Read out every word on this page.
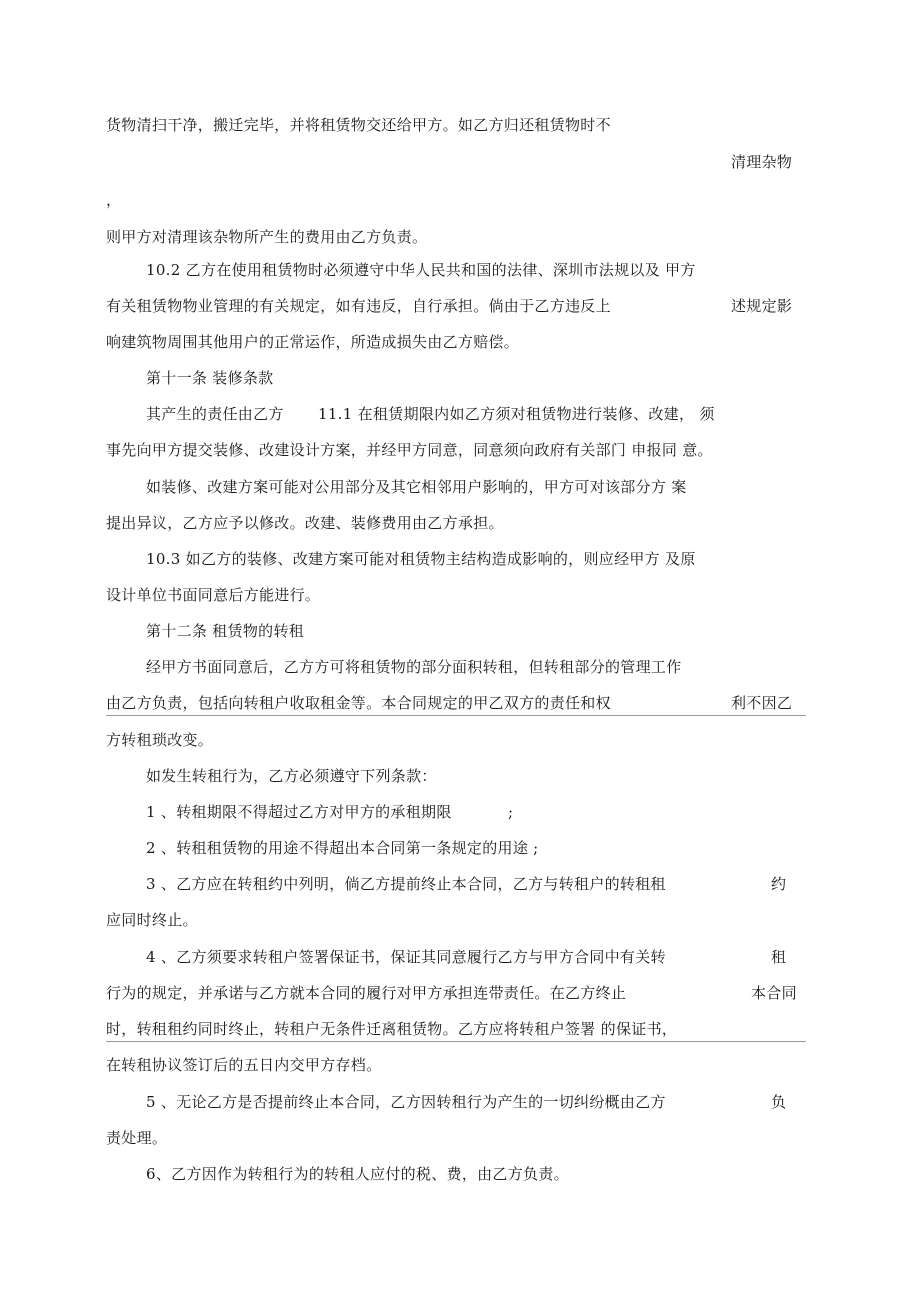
货物清扫干净，搬迁完毕，并将租赁物交还给甲方。如乙方归还租赁物时不
清理杂物
，
则甲方对清理该杂物所产生的费用由乙方负责。
10.2 乙方在使用租赁物时必须遵守中华人民共和国的法律、深圳市法规以及 甲方
有关租赁物物业管理的有关规定，如有违反，自行承担。倘由于乙方违反上	述规定影
响建筑物周围其他用户的正常运作，所造成损失由乙方赔偿。
第十一条 装修条款
其产生的责任由乙方 11.1 在租赁期限内如乙方须对租赁物进行装修、改建， 须
事先向甲方提交装修、改建设计方案，并经甲方同意，同意须向政府有关部门 申报同 意。
如装修、改建方案可能对公用部分及其它相邻用户影响的，甲方可对该部分方 案
提出异议，乙方应予以修改。改建、装修费用由乙方承担。
10.3 如乙方的装修、改建方案可能对租赁物主结构造成影响的，则应经甲方 及原
设计单位书面同意后方能进行。
第十二条 租赁物的转租
经甲方书面同意后，乙方方可将租赁物的部分面积转租，但转租部分的管理工作
由乙方负责，包括向转租户收取租金等。本合同规定的甲乙双方的责任和权	利不因乙
方转租琐改变。
如发生转租行为，乙方必须遵守下列条款：
1 、转租期限不得超过乙方对甲方的承租期限	;
2 、转租租赁物的用途不得超出本合同第一条规定的用途 ;
3 、乙方应在转租约中列明，倘乙方提前终止本合同，乙方与转租户的转租租	约
应同时终止。
4 、乙方须要求转租户签署保证书，保证其同意履行乙方与甲方合同中有关转	租
行为的规定，并承诺与乙方就本合同的履行对甲方承担连带责任。在乙方终止	本合同
时，转租租约同时终止，转租户无条件迁离租赁物。乙方应将转租户签署 的保证书，
在转租协议签订后的五日内交甲方存档。
5 、无论乙方是否提前终止本合同，乙方因转租行为产生的一切纠纷概由乙方	负
责处理。
6、乙方因作为转租行为的转租人应付的税、费，由乙方负责。
